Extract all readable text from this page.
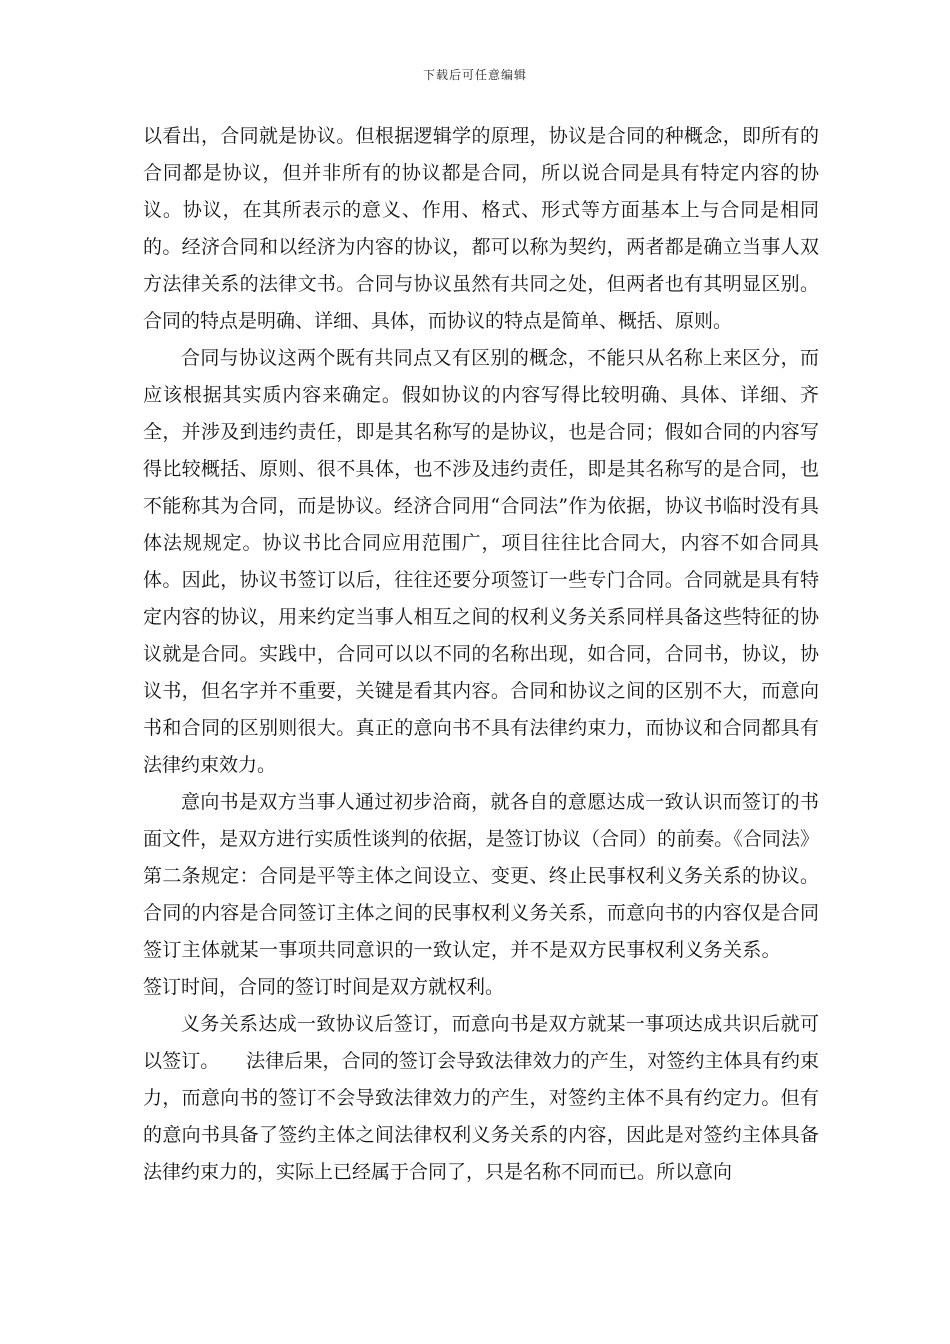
下载后可任意编辑

以看出，合同就是协议。但根据逻辑学的原理，协议是合同的种概念，即所有的合同都是协议，但并非所有的协议都是合同，所以说合同是具有特定内容的协议。协议，在其所表示的意义、作用、格式、形式等方面基本上与合同是相同的。经济合同和以经济为内容的协议，都可以称为契约，两者都是确立当事人双方法律关系的法律文书。合同与协议虽然有共同之处，但两者也有其明显区别。合同的特点是明确、详细、具体，而协议的特点是简单、概括、原则。

合同与协议这两个既有共同点又有区别的概念，不能只从名称上来区分，而应该根据其实质内容来确定。假如协议的内容写得比较明确、具体、详细、齐全，并涉及到违约责任，即是其名称写的是协议，也是合同；假如合同的内容写得比较概括、原则、很不具体，也不涉及违约责任，即是其名称写的是合同，也不能称其为合同，而是协议。经济合同用“合同法”作为依据，协议书临时没有具体法规规定。协议书比合同应用范围广，项目往往比合同大，内容不如合同具体。因此，协议书签订以后，往往还要分项签订一些专门合同。合同就是具有特定内容的协议，用来约定当事人相互之间的权利义务关系同样具备这些特征的协议就是合同。实践中，合同可以以不同的名称出现，如合同，合同书，协议，协议书，但名字并不重要，关键是看其内容。合同和协议之间的区别不大，而意向书和合同的区别则很大。真正的意向书不具有法律约束力，而协议和合同都具有法律约束效力。

意向书是双方当事人通过初步洽商，就各自的意愿达成一致认识而签订的书面文件，是双方进行实质性谈判的依据，是签订协议（合同）的前奏。《合同法》第二条规定：合同是平等主体之间设立、变更、终止民事权利义务关系的协议。合同的内容是合同签订主体之间的民事权利义务关系，而意向书的内容仅是合同签订主体就某一事项共同意识的一致认定，并不是双方民事权利义务关系。签订时间，合同的签订时间是双方就权利。

义务关系达成一致协议后签订，而意向书是双方就某一事项达成共识后就可以签订。 法律后果，合同的签订会导致法律效力的产生，对签约主体具有约束力，而意向书的签订不会导致法律效力的产生，对签约主体不具有约定力。但有的意向书具备了签约主体之间法律权利义务关系的内容，因此是对签约主体具备法律约束力的，实际上已经属于合同了，只是名称不同而已。所以意向
